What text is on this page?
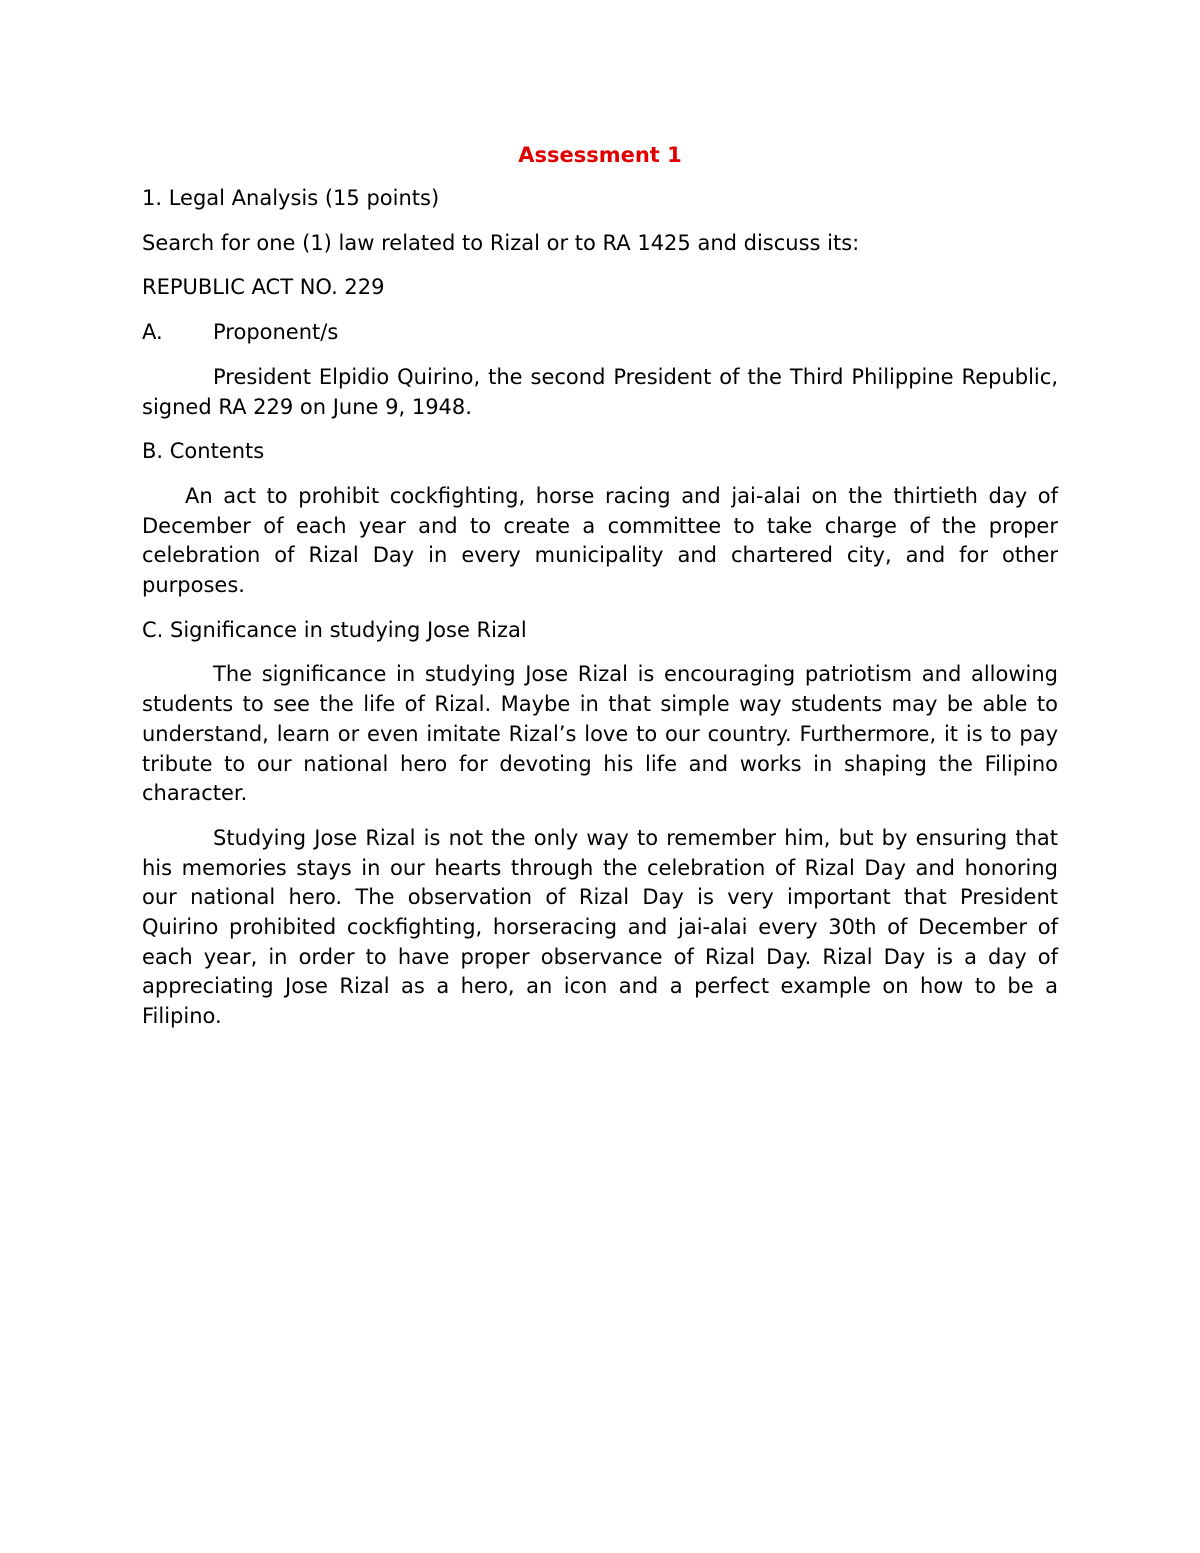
Assessment 1

1. Legal Analysis (15 points)

Search for one (1) law related to Rizal or to RA 1425 and discuss its:

REPUBLIC ACT NO. 229

A.	Proponent/s

President Elpidio Quirino, the second President of the Third Philippine Republic, signed RA 229 on June 9, 1948.

B. Contents

An act to prohibit cockfighting, horse racing and jai-alai on the thirtieth day of December of each year and to create a committee to take charge of the proper celebration of Rizal Day in every municipality and chartered city, and for other purposes.

C. Significance in studying Jose Rizal

The significance in studying Jose Rizal is encouraging patriotism and allowing students to see the life of Rizal. Maybe in that simple way students may be able to understand, learn or even imitate Rizal’s love to our country. Furthermore, it is to pay tribute to our national hero for devoting his life and works in shaping the Filipino character.

Studying Jose Rizal is not the only way to remember him, but by ensuring that his memories stays in our hearts through the celebration of Rizal Day and honoring our national hero. The observation of Rizal Day is very important that President Quirino prohibited cockfighting, horseracing and jai-alai every 30th of December of each year, in order to have proper observance of Rizal Day. Rizal Day is a day of appreciating Jose Rizal as a hero, an icon and a perfect example on how to be a Filipino.
